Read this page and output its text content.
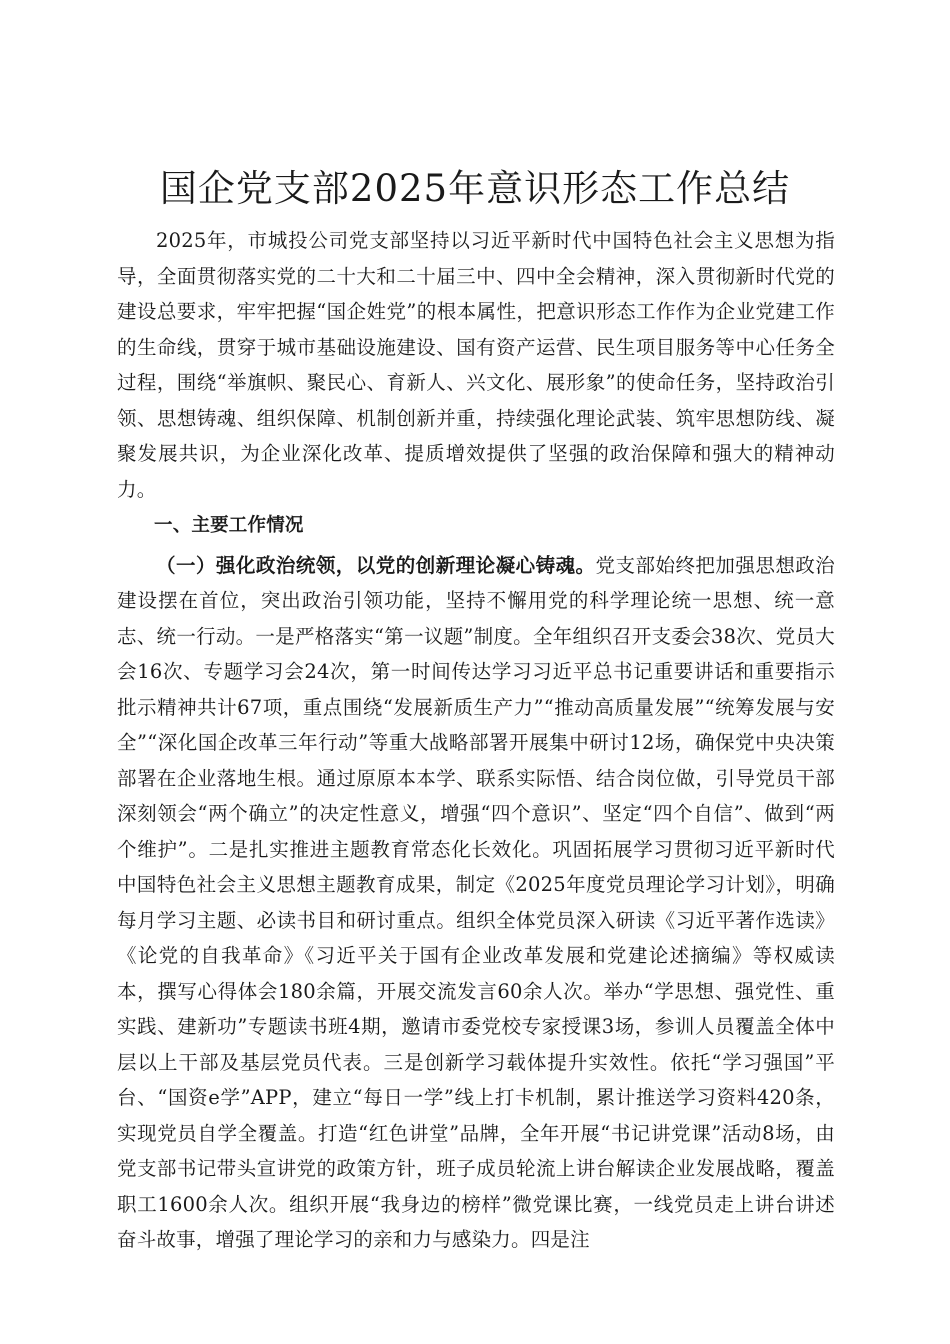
国企党支部2025年意识形态工作总结

2025年，市城投公司党支部坚持以习近平新时代中国特色社会主义思想为指导，全面贯彻落实党的二十大和二十届三中、四中全会精神，深入贯彻新时代党的建设总要求，牢牢把握“国企姓党”的根本属性，把意识形态工作作为企业党建工作的生命线，贯穿于城市基础设施建设、国有资产运营、民生项目服务等中心任务全过程，围绕“举旗帜、聚民心、育新人、兴文化、展形象”的使命任务，坚持政治引领、思想铸魂、组织保障、机制创新并重，持续强化理论武装、筑牢思想防线、凝聚发展共识，为企业深化改革、提质增效提供了坚强的政治保障和强大的精神动力。

一、主要工作情况

（一）强化政治统领，以党的创新理论凝心铸魂。党支部始终把加强思想政治建设摆在首位，突出政治引领功能，坚持不懈用党的科学理论统一思想、统一意志、统一行动。一是严格落实“第一议题”制度。全年组织召开支委会38次、党员大会16次、专题学习会24次，第一时间传达学习习近平总书记重要讲话和重要指示批示精神共计67项，重点围绕“发展新质生产力”“推动高质量发展”“统筹发展与安全”“深化国企改革三年行动”等重大战略部署开展集中研讨12场，确保党中央决策部署在企业落地生根。通过原原本本学、联系实际悟、结合岗位做，引导党员干部深刻领会“两个确立”的决定性意义，增强“四个意识”、坚定“四个自信”、做到“两个维护”。二是扎实推进主题教育常态化长效化。巩固拓展学习贯彻习近平新时代中国特色社会主义思想主题教育成果，制定《2025年度党员理论学习计划》，明确每月学习主题、必读书目和研讨重点。组织全体党员深入研读《习近平著作选读》《论党的自我革命》《习近平关于国有企业改革发展和党建论述摘编》等权威读本，撰写心得体会180余篇，开展交流发言60余人次。举办“学思想、强党性、重实践、建新功”专题读书班4期，邀请市委党校专家授课3场，参训人员覆盖全体中层以上干部及基层党员代表。三是创新学习载体提升实效性。依托“学习强国”平台、“国资e学”APP，建立“每日一学”线上打卡机制，累计推送学习资料420条，实现党员自学全覆盖。打造“红色讲堂”品牌，全年开展“书记讲党课”活动8场，由党支部书记带头宣讲党的政策方针，班子成员轮流上讲台解读企业发展战略，覆盖职工1600余人次。组织开展“我身边的榜样”微党课比赛，一线党员走上讲台讲述奋斗故事，增强了理论学习的亲和力与感染力。四是注
